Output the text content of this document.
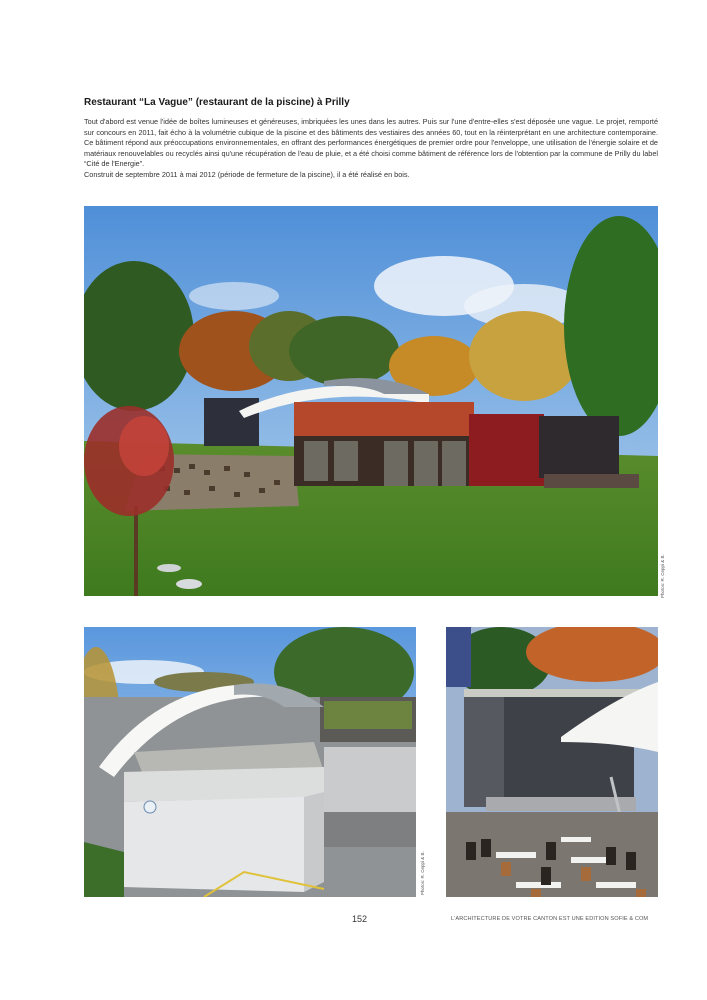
Restaurant “La Vague” (restaurant de la piscine) à Prilly

Tout d'abord est venue l'idée de boîtes lumineuses et généreuses, imbriquées les unes dans les autres. Puis sur l'une d'entre-elles s'est déposée une vague. Le projet, remporté sur concours en 2011, fait écho à la volumétrie cubique de la piscine et des bâtiments des vestiaires des années 60, tout en la réinterprétant en une architecture contemporaine. Ce bâtiment répond aux préoccupations environnementales, en offrant des performances énergétiques de premier ordre pour l'enveloppe, une utilisation de l'énergie solaire et de matériaux renouvelables ou recyclés ainsi qu'une récupération de l'eau de pluie, et a été choisi comme bâtiment de référence lors de l'obtention par la commune de Prilly du label “Cité de l'Energie”.

Construit de septembre 2011 à mai 2012 (période de fermeture de la piscine), il a été réalisé en bois.

Photos: R. Ceppi & B.
Photos: R. Ceppi & B.
152	L'ARCHITECTURE DE VOTRE CANTON EST UNE EDITION SOFIE & COM
